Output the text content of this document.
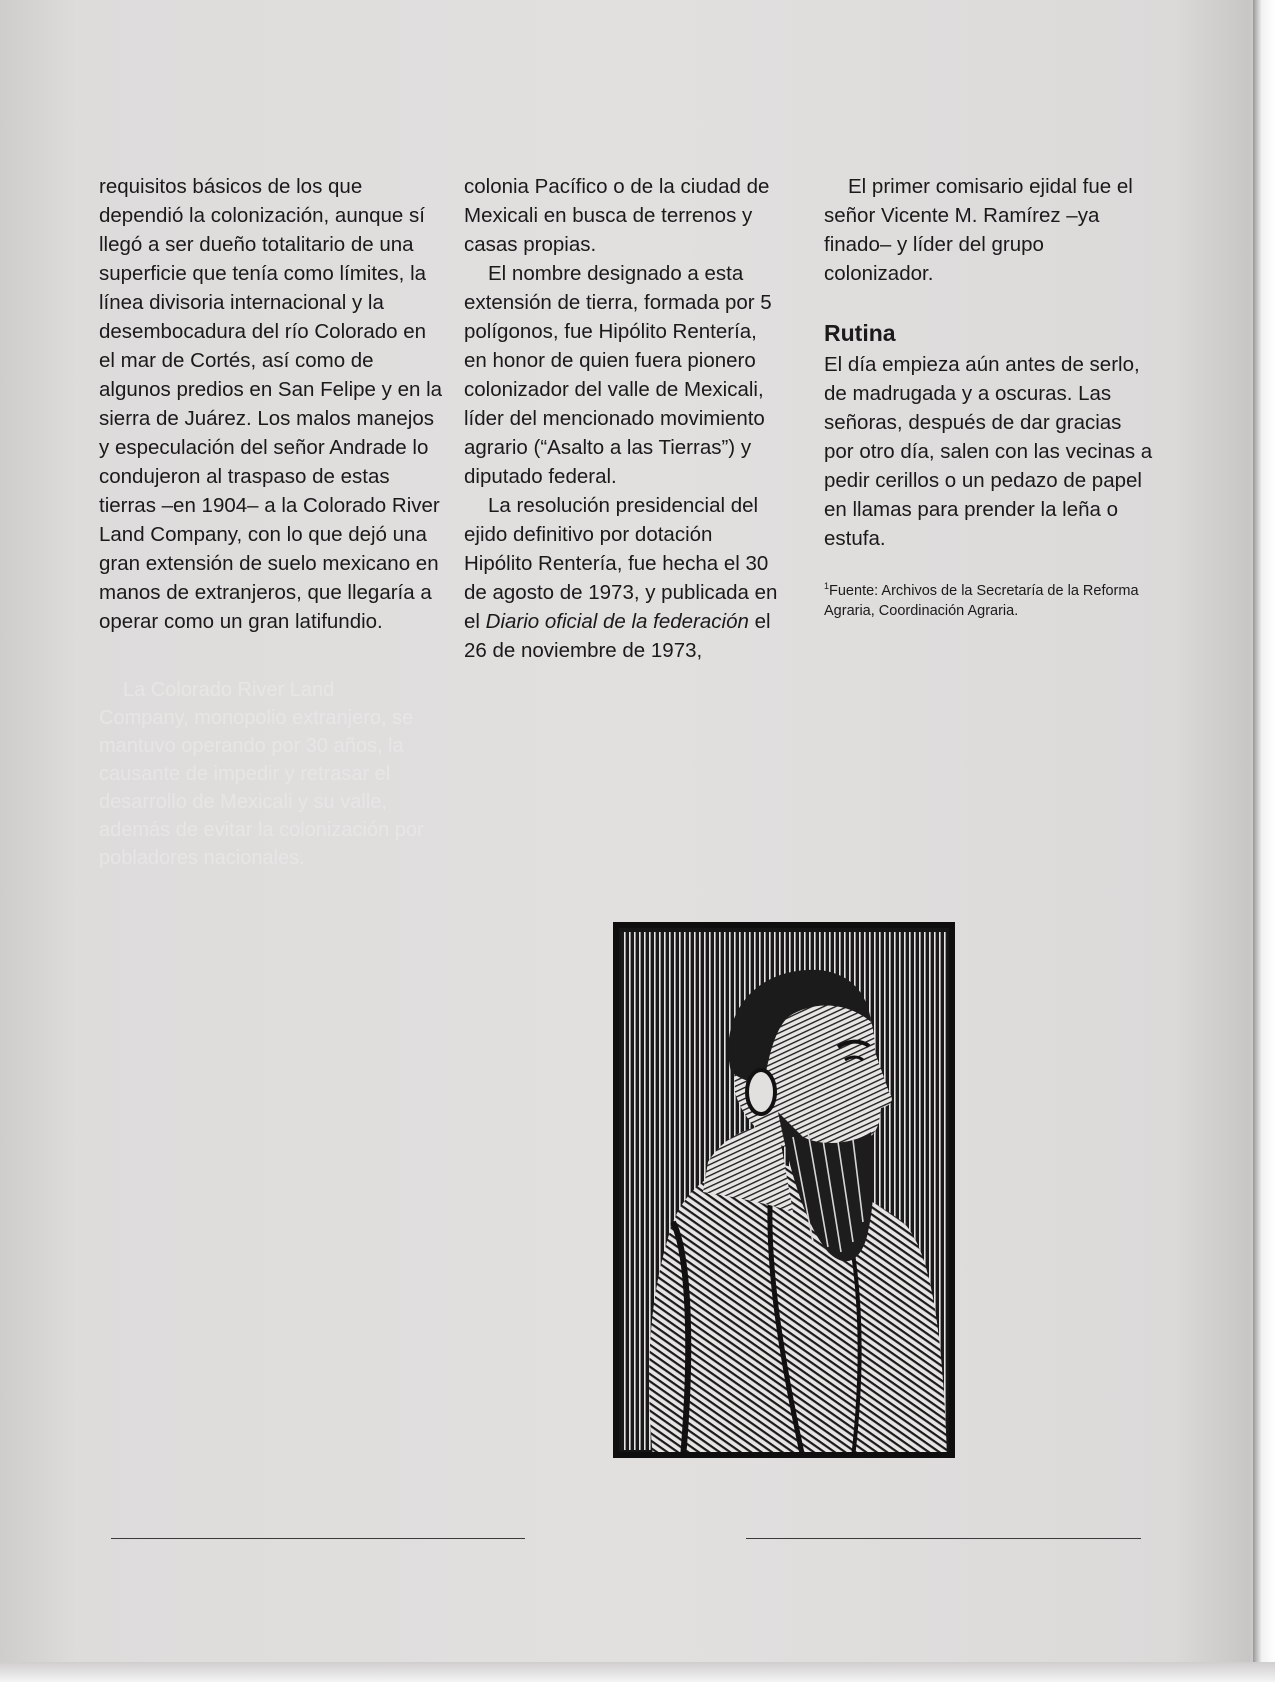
requisitos básicos de los que dependió la colonización, aunque sí llegó a ser dueño totalitario de una superficie que tenía como límites, la línea divisoria internacional y la desembocadura del río Colorado en el mar de Cortés, así como de algunos predios en San Felipe y en la sierra de Juárez. Los malos manejos y especulación del señor Andrade lo condujeron al traspaso de estas tierras –en 1904– a la Colorado River Land Company, con lo que dejó una gran extensión de suelo mexicano en manos de extranjeros, que llegaría a operar como un gran latifundio.

La Colorado River Land Company, monopolio extranjero, se mantuvo operando por 30 años, la causante de impedir y retrasar el desarrollo de Mexicali y su valle, además de evitar la colonización por pobladores nacionales.

colonia Pacífico o de la ciudad de Mexicali en busca de terrenos y casas propias.

El nombre designado a esta extensión de tierra, formada por 5 polígonos, fue Hipólito Rentería, en honor de quien fuera pionero colonizador del valle de Mexicali, líder del mencionado movimiento agrario (“Asalto a las Tierras”) y diputado federal.

La resolución presidencial del ejido definitivo por dotación Hipólito Rentería, fue hecha el 30 de agosto de 1973, y publicada en el Diario oficial de la federación el 26 de noviembre de 1973,

El primer comisario ejidal fue el señor Vicente M. Ramírez –ya finado– y líder del grupo colonizador.

Rutina

El día empieza aún antes de serlo, de madrugada y a oscuras. Las señoras, después de dar gracias por otro día, salen con las vecinas a pedir cerillos o un pedazo de papel en llamas para prender la leña o estufa.

$^1$Fuente: Archivos de la Secretaría de la Reforma Agraria, Coordinación Agraria.
